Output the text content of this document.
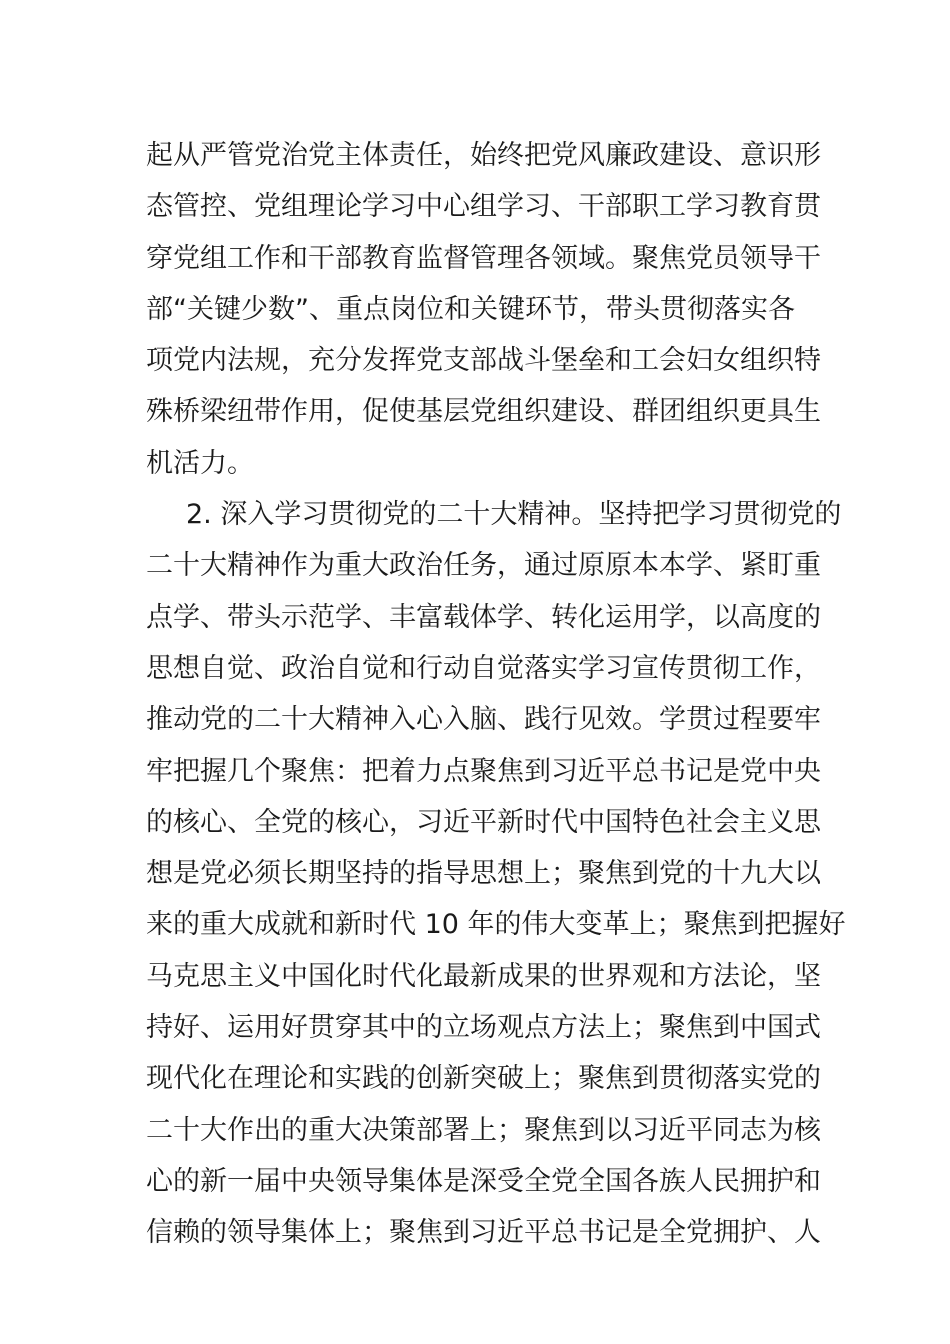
起从严管党治党主体责任，始终把党风廉政建设、意识形
态管控、党组理论学习中心组学习、干部职工学习教育贯
穿党组工作和干部教育监督管理各领域。聚焦党员领导干
部“关键少数”、重点岗位和关键环节，带头贯彻落实各
项党内法规，充分发挥党支部战斗堡垒和工会妇女组织特
殊桥梁纽带作用，促使基层党组织建设、群团组织更具生
机活力。
2. 深入学习贯彻党的二十大精神。坚持把学习贯彻党的
二十大精神作为重大政治任务，通过原原本本学、紧盯重
点学、带头示范学、丰富载体学、转化运用学，以高度的
思想自觉、政治自觉和行动自觉落实学习宣传贯彻工作，
推动党的二十大精神入心入脑、践行见效。学贯过程要牢
牢把握几个聚焦：把着力点聚焦到习近平总书记是党中央
的核心、全党的核心，习近平新时代中国特色社会主义思
想是党必须长期坚持的指导思想上；聚焦到党的十九大以
来的重大成就和新时代 10 年的伟大变革上；聚焦到把握好
马克思主义中国化时代化最新成果的世界观和方法论，坚
持好、运用好贯穿其中的立场观点方法上；聚焦到中国式
现代化在理论和实践的创新突破上；聚焦到贯彻落实党的
二十大作出的重大决策部署上；聚焦到以习近平同志为核
心的新一届中央领导集体是深受全党全国各族人民拥护和
信赖的领导集体上；聚焦到习近平总书记是全党拥护、人
